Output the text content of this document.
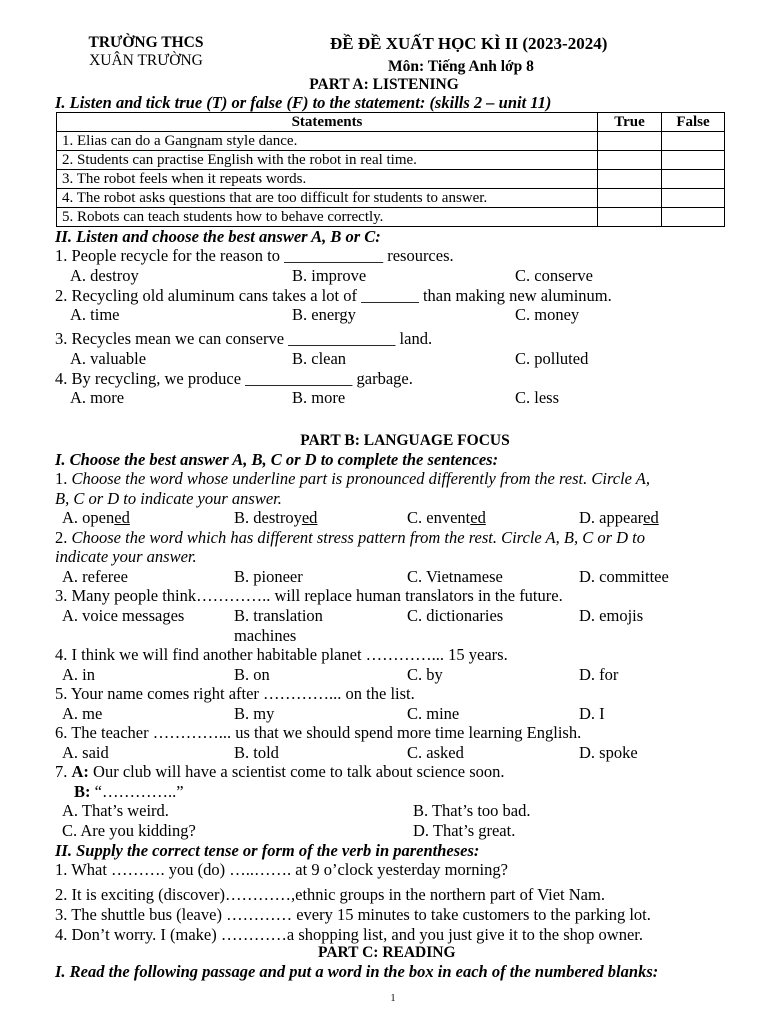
TRƯỜNG THCS
XUÂN TRƯỜNG
ĐỀ ĐỀ XUẤT HỌC KÌ II (2023-2024)
Môn: Tiếng Anh lớp 8
PART A: LISTENING
I. Listen and tick true (T) or false (F) to the statement: (skills 2 – unit 11)
Statements	True	False
1. Elias can do a Gangnam style dance.		
2. Students can practise English with the robot in real time.		
3. The robot feels when it repeats words.		
4. The robot asks questions that are too difficult for students to answer.		
5. Robots can teach students how to behave correctly.		
II. Listen and choose the best answer A, B or C:
1. People recycle for the reason to ____________ resources.
A. destroy	B. improve	C. conserve
2. Recycling old aluminum cans takes a lot of _______ than making new aluminum.
A. time	B. energy	C. money
3. Recycles mean we can conserve _____________ land.
A. valuable	B. clean	C. polluted
4. By recycling, we produce _____________ garbage.
A. more	B. more	C. less
PART B: LANGUAGE FOCUS
I. Choose the best answer A, B, C or D to complete the sentences:
1. Choose the word whose underline part is pronounced differently from the rest. Circle A,
B, C or D to indicate your answer.
A. opened	B. destroyed	C. envented	D. appeared
2. Choose the word which has different stress pattern from the rest. Circle A, B, C or D to
indicate your answer.
A. referee	B. pioneer	C. Vietnamese	D. committee
3. Many people think………….. will replace human translators in the future.
A. voice messages	B. translation
machines
C. dictionaries	D. emojis
4. I think we will find another habitable planet …………... 15 years.
A. in	B. on	C. by	D. for
5. Your name comes right after …………... on the list.
A. me	B. my	C. mine	D. I
6. The teacher …………... us that we should spend more time learning English.
A. said	B. told	C. asked	D. spoke
7. A: Our club will have a scientist come to talk about science soon.
B: “…………..”
A. That’s weird.	B. That’s too bad.
C. Are you kidding?	D. That’s great.
II. Supply the correct tense or form of the verb in parentheses:
1. What ………. you (do) …..……. at 9 o’clock yesterday morning?
2. It is exciting (discover)…………,ethnic groups in the northern part of Viet Nam.
3. The shuttle bus (leave) ………… every 15 minutes to take customers to the parking lot.
4. Don’t worry. I (make) …………a shopping list, and you just give it to the shop owner.
PART C: READING
I. Read the following passage and put a word in the box in each of the numbered blanks:
1
